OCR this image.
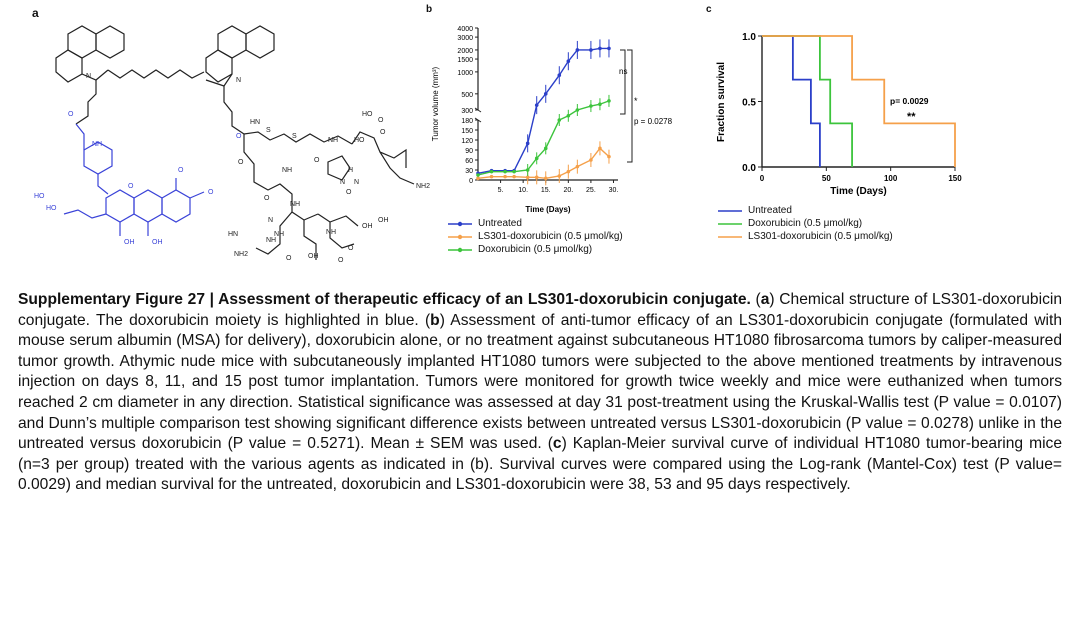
a	b	c
N
N
O
NH
HO
HO
OH
O
OH
O
O
O
S
S
HN
O
O
NH
HO
O
NH
O
H
N
O
NH
N
NH
O
OH
OH
O
NH
HN	NH
NH2
NH2	OH
O
N
HO
O
0
30
60
90
120
150
180
300
500
1000
1500
2000
3000
4000
5. 10. 15. 20. 25. 30.
Time (Days)
Tumor volume (mm³)	ns
*
p = 0.0278
Untreated
LS301-doxorubicin (0.5 μmol/kg)
Doxorubicin (0.5 μmol/kg)
0.0
0.5
1.0
0	50	100	150
Time (Days)
Fraction survival	p= 0.0029
**
Untreated
Doxorubicin (0.5 μmol/kg)
LS301-doxorubicin (0.5 μmol/kg)

Supplementary Figure 27 | Assessment of therapeutic efficacy of an LS301-doxorubicin conjugate. (a) Chemical structure of LS301-doxorubicin conjugate. The doxorubicin moiety is highlighted in blue. (b) Assessment of anti-tumor efficacy of an LS301-doxorubicin conjugate (formulated with mouse serum albumin (MSA) for delivery), doxorubicin alone, or no treatment against subcutaneous HT1080 fibrosarcoma tumors by caliper-measured tumor growth. Athymic nude mice with subcutaneously implanted HT1080 tumors were subjected to the above mentioned treatments by intravenous injection on days 8, 11, and 15 post tumor implantation. Tumors were monitored for growth twice weekly and mice were euthanized when tumors reached 2 cm diameter in any direction. Statistical significance was assessed at day 31 post-treatment using the Kruskal-Wallis test (P value = 0.0107) and Dunn’s multiple comparison test showing significant difference exists between untreated versus LS301-doxorubicin (P value = 0.0278) unlike in the untreated versus doxorubicin (P value = 0.5271). Mean ± SEM was used. (c) Kaplan-Meier survival curve of individual HT1080 tumor-bearing mice (n=3 per group) treated with the various agents as indicated in (b). Survival curves were compared using the Log-rank (Mantel-Cox) test (P value= 0.0029) and median survival for the untreated, doxorubicin and LS301-doxorubicin were 38, 53 and 95 days respectively.
